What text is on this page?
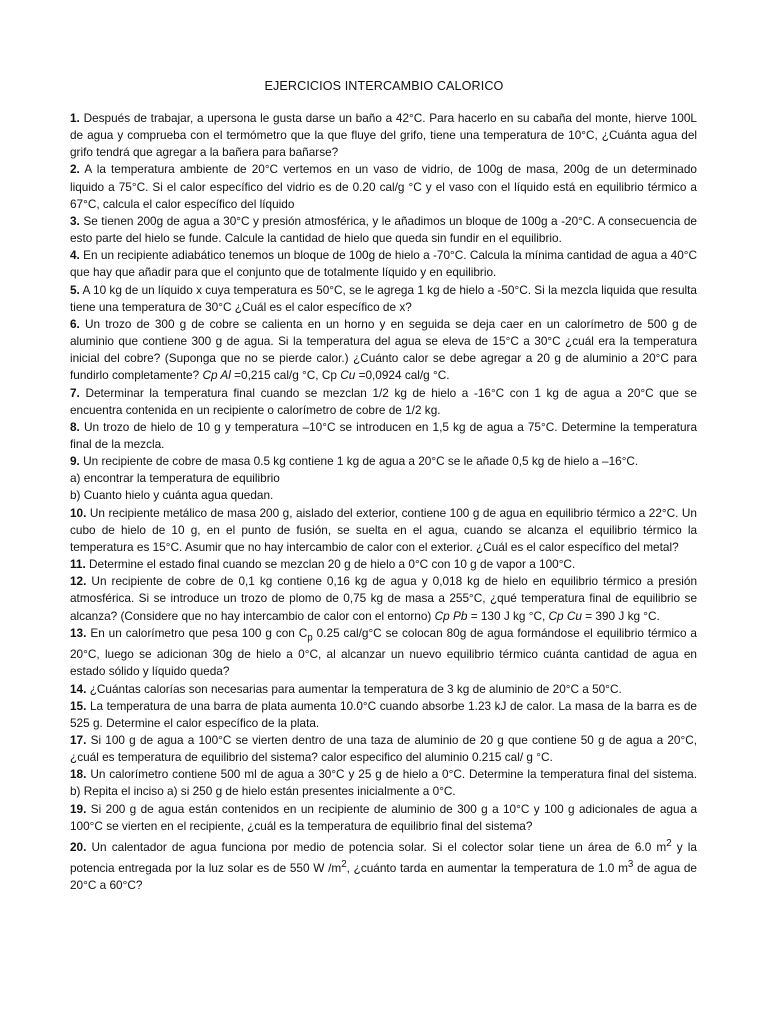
EJERCICIOS INTERCAMBIO CALORICO

1. Después de trabajar, a upersona le gusta darse un baño a 42°C. Para hacerlo en su cabaña del monte, hierve 100L de agua y comprueba con el termómetro que la que fluye del grifo, tiene una temperatura de 10°C, ¿Cuánta agua del grifo tendrá que agregar a la bañera para bañarse?

2. A la temperatura ambiente de 20°C vertemos en un vaso de vidrio, de 100g de masa, 200g de un determinado liquido a 75°C. Si el calor específico del vidrio es de 0.20 cal/g °C y el vaso con el líquido está en equilibrio térmico a 67°C, calcula el calor específico del líquido

3. Se tienen 200g de agua a 30°C y presión atmosférica, y le añadimos un bloque de 100g a -20°C. A consecuencia de esto parte del hielo se funde. Calcule la cantidad de hielo que queda sin fundir en el equilibrio.

4. En un recipiente adiabático tenemos un bloque de 100g de hielo a -70°C. Calcula la mínima cantidad de agua a 40°C que hay que añadir para que el conjunto que de totalmente líquido y en equilibrio.

5. A 10 kg de un líquido x cuya temperatura es 50°C, se le agrega 1 kg de hielo a -50°C. Si la mezcla liquida que resulta tiene una temperatura de 30°C ¿Cuál es el calor específico de x?

6. Un trozo de 300 g de cobre se calienta en un horno y en seguida se deja caer en un calorímetro de 500 g de aluminio que contiene 300 g de agua. Si la temperatura del agua se eleva de 15°C a 30°C ¿cuál era la temperatura inicial del cobre? (Suponga que no se pierde calor.) ¿Cuánto calor se debe agregar a 20 g de aluminio a 20°C para fundirlo completamente? Cp Al =0,215 cal/g °C, Cp Cu =0,0924 cal/g °C.

7. Determinar la temperatura final cuando se mezclan 1/2 kg de hielo a -16°C con 1 kg de agua a 20°C que se encuentra contenida en un recipiente o calorímetro de cobre de 1/2 kg.

8. Un trozo de hielo de 10 g y temperatura –10°C se introducen en 1,5 kg de agua a 75°C. Determine la temperatura final de la mezcla.

9. Un recipiente de cobre de masa 0.5 kg contiene 1 kg de agua a 20°C se le añade 0,5 kg de hielo a –16°C.
a) encontrar la temperatura de equilibrio
b) Cuanto hielo y cuánta agua quedan.

10. Un recipiente metálico de masa 200 g, aislado del exterior, contiene 100 g de agua en equilibrio térmico a 22°C. Un cubo de hielo de 10 g, en el punto de fusión, se suelta en el agua, cuando se alcanza el equilibrio térmico la temperatura es 15°C. Asumir que no hay intercambio de calor con el exterior. ¿Cuál es el calor específico del metal?

11. Determine el estado final cuando se mezclan 20 g de hielo a 0°C con 10 g de vapor a 100°C.

12. Un recipiente de cobre de 0,1 kg contiene 0,16 kg de agua y 0,018 kg de hielo en equilibrio térmico a presión atmosférica. Si se introduce un trozo de plomo de 0,75 kg de masa a 255°C, ¿qué temperatura final de equilibrio se alcanza? (Considere que no hay intercambio de calor con el entorno) Cp Pb = 130 J kg °C, Cp Cu = 390 J kg °C.

13. En un calorímetro que pesa 100 g con $C_p$ 0.25 cal/g°C se colocan 80g de agua formándose el equilibrio térmico a 20°C, luego se adicionan 30g de hielo a 0°C, al alcanzar un nuevo equilibrio térmico cuánta cantidad de agua en estado sólido y líquido queda?

14. ¿Cuántas calorías son necesarias para aumentar la temperatura de 3 kg de aluminio de 20°C a 50°C.

15. La temperatura de una barra de plata aumenta 10.0°C cuando absorbe 1.23 kJ de calor. La masa de la barra es de 525 g. Determine el calor específico de la plata.

17. Si 100 g de agua a 100°C se vierten dentro de una taza de aluminio de 20 g que contiene 50 g de agua a 20°C, ¿cuál es temperatura de equilibrio del sistema? calor especifico del aluminio 0.215 cal/ g °C.

18. Un calorímetro contiene 500 ml de agua a 30°C y 25 g de hielo a 0°C. Determine la temperatura final del sistema. b) Repita el inciso a) si 250 g de hielo están presentes inicialmente a 0°C.

19. Si 200 g de agua están contenidos en un recipiente de aluminio de 300 g a 10°C y 100 g adicionales de agua a 100°C se vierten en el recipiente, ¿cuál es la temperatura de equilibrio final del sistema?

20. Un calentador de agua funciona por medio de potencia solar. Si el colector solar tiene un área de 6.0 $m^2$ y la potencia entregada por la luz solar es de 550 W $/m^2$, ¿cuánto tarda en aumentar la temperatura de 1.0 $m^3$ de agua de 20°C a 60°C?
